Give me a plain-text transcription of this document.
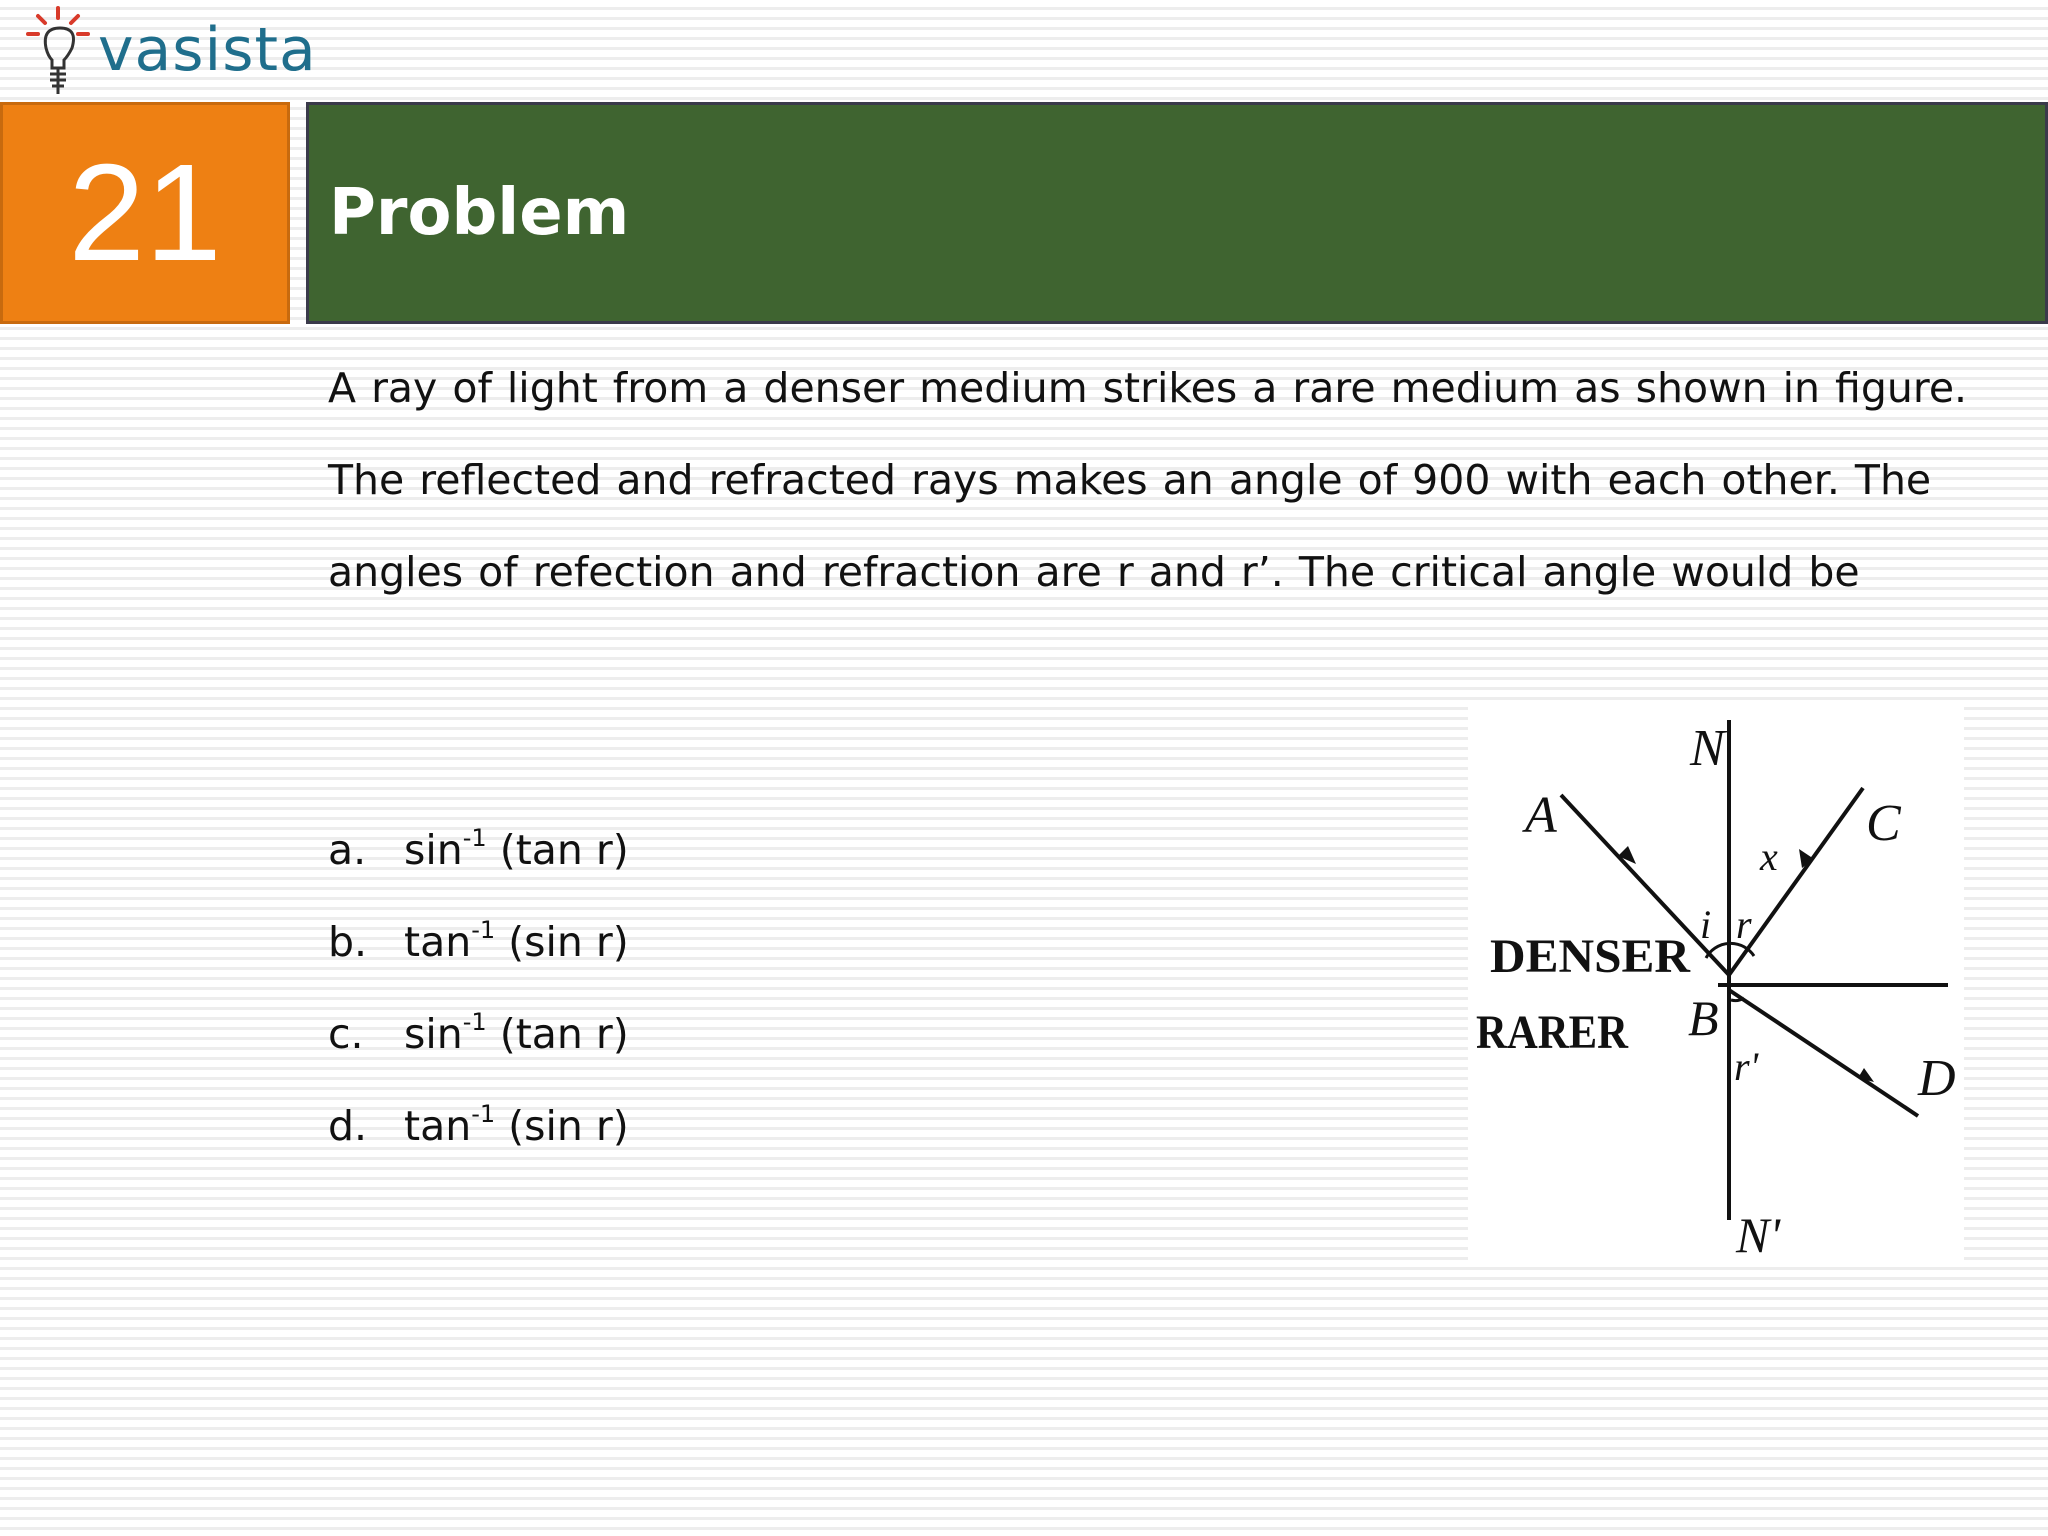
vasista
21 Problem

A ray of light from a denser medium strikes a rare medium as shown in figure. The reflected and refracted rays makes an angle of 900 with each other. The angles of refection and refraction are r and r’. The critical angle would be

a. $\sin^{-1} (\tan$ r)
b. $\tan^{-1} (\sin$ r)
c. $\sin^{-1} (\tan$ r)
d. $\tan^{-1} (\sin$ r)
N
N'
A	C
D
B
i r
r'
x
DENSER
RARER
